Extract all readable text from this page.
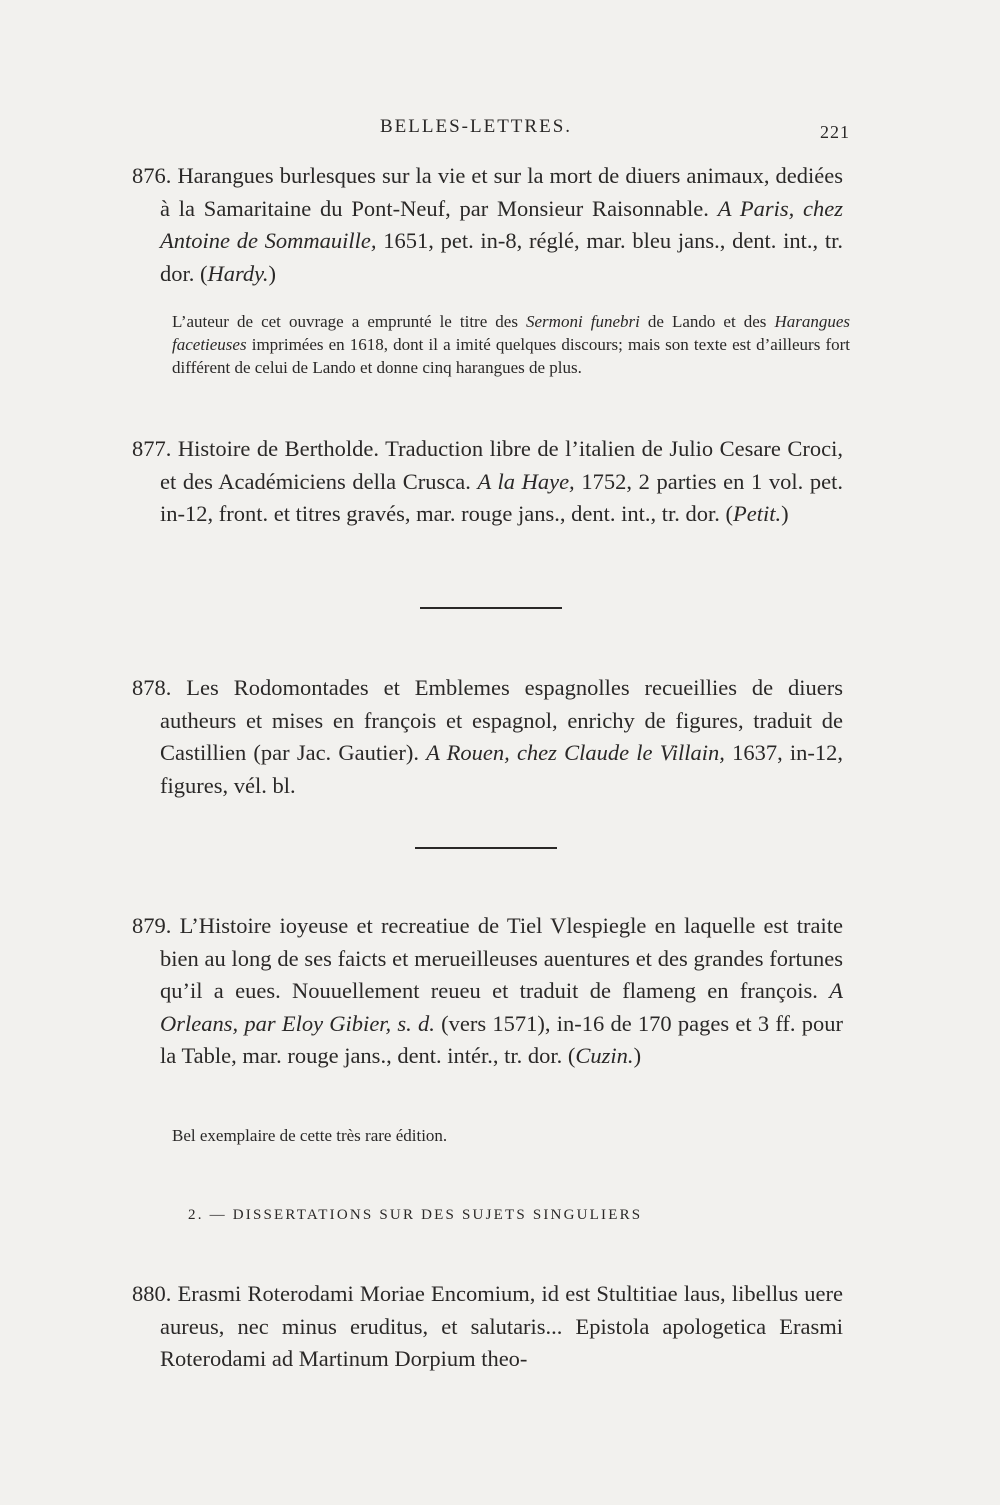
BELLES-LETTRES.	221
876. Harangues burlesques sur la vie et sur la mort de diuers animaux, dediées à la Samaritaine du Pont-Neuf, par Monsieur Raisonnable. A Paris, chez Antoine de Sommauille, 1651, pet. in-8, réglé, mar. bleu jans., dent. int., tr. dor. (Hardy.)
L’auteur de cet ouvrage a emprunté le titre des Sermoni funebri de Lando et des Harangues facetieuses imprimées en 1618, dont il a imité quelques discours; mais son texte est d’ailleurs fort différent de celui de Lando et donne cinq harangues de plus.
877. Histoire de Bertholde. Traduction libre de l’italien de Julio Cesare Croci, et des Académiciens della Crusca. A la Haye, 1752, 2 parties en 1 vol. pet. in-12, front. et titres gravés, mar. rouge jans., dent. int., tr. dor. (Petit.)
878. Les Rodomontades et Emblemes espagnolles recueillies de diuers autheurs et mises en françois et espagnol, enrichy de figures, traduit de Castillien (par Jac. Gautier). A Rouen, chez Claude le Villain, 1637, in-12, figures, vél. bl.
879. L’Histoire ioyeuse et recreatiue de Tiel Vlespiegle en laquelle est traite bien au long de ses faicts et merueilleuses auentures et des grandes fortunes qu’il a eues. Nouuellement reueu et traduit de flameng en françois. A Orleans, par Eloy Gibier, s. d. (vers 1571), in-16 de 170 pages et 3 ff. pour la Table, mar. rouge jans., dent. intér., tr. dor. (Cuzin.)
Bel exemplaire de cette très rare édition.
2. — DISSERTATIONS SUR DES SUJETS SINGULIERS
880. Erasmi Roterodami Moriae Encomium, id est Stultitiae laus, libellus uere aureus, nec minus eruditus, et salutaris... Epistola apologetica Erasmi Roterodami ad Martinum Dorpium theo-
